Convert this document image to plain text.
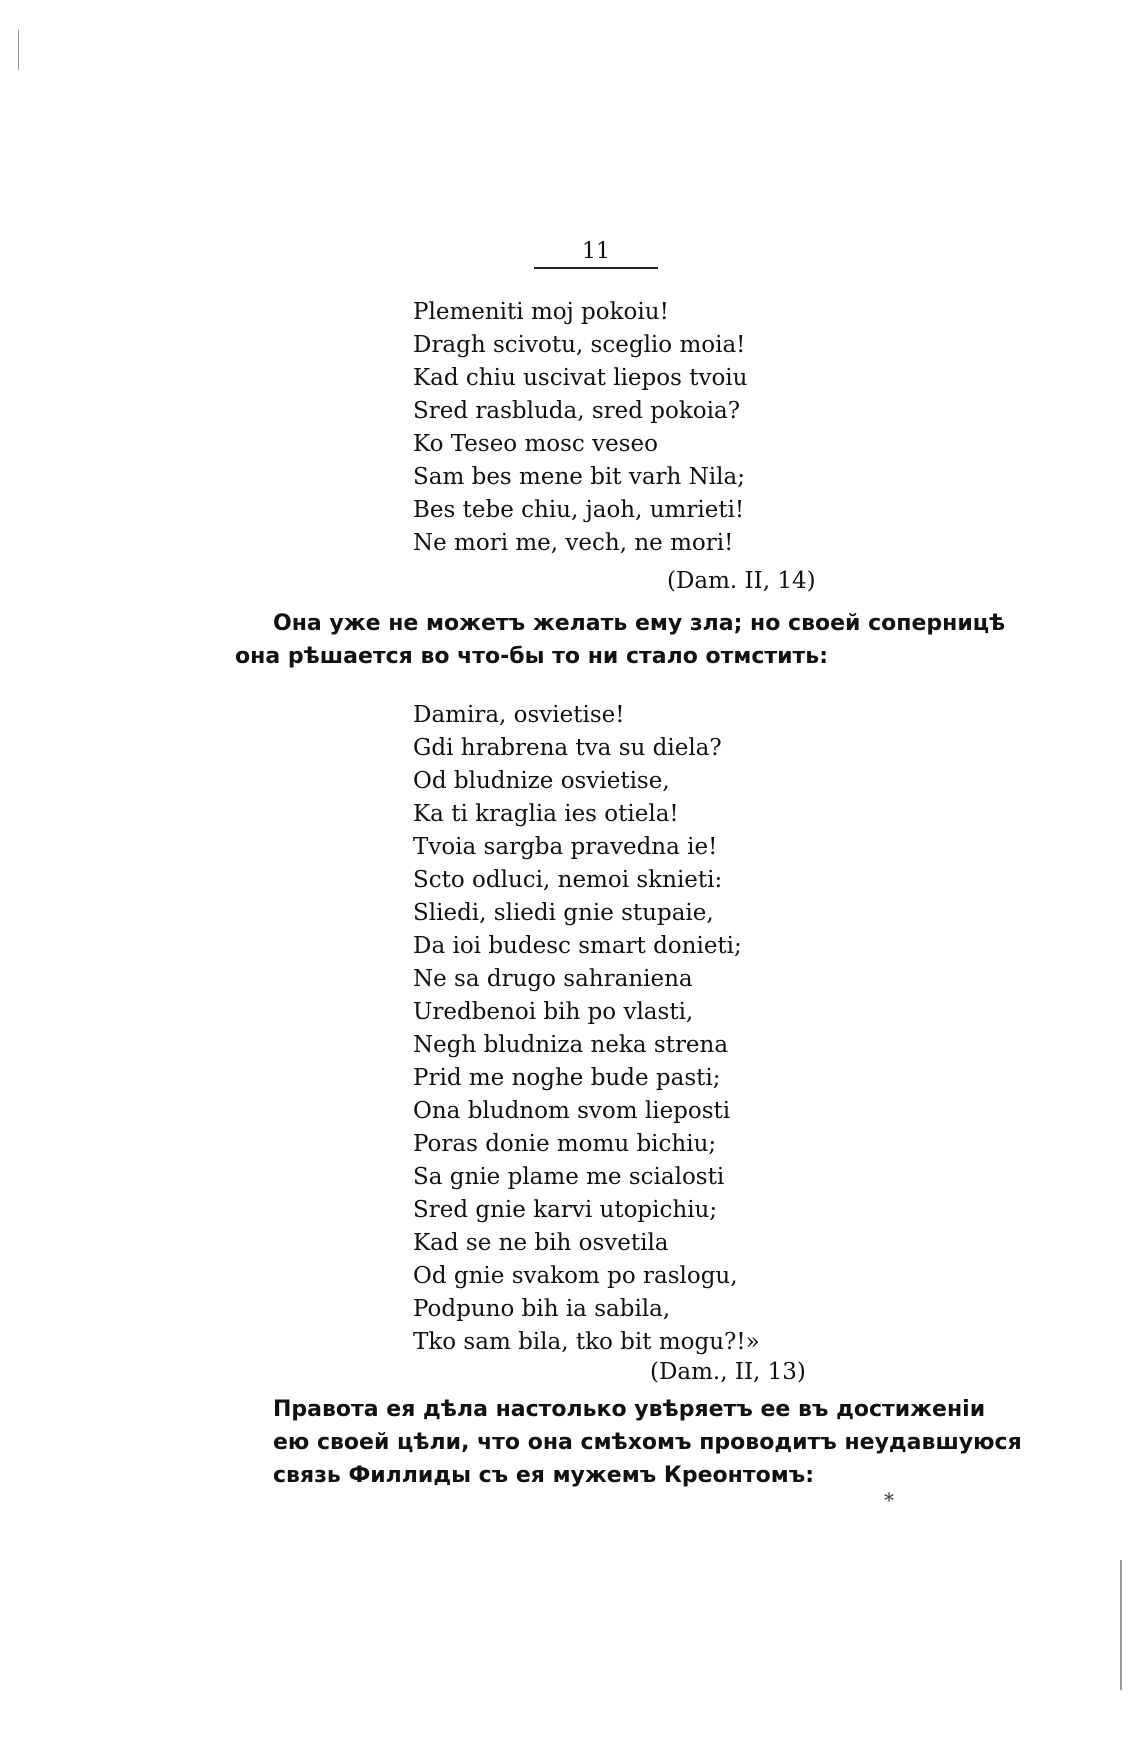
11
Plemeniti moj pokoiu!
Dragh scivotu, sceglio moia!
Kad chiu uscivat liepos tvoiu
Sred rasbluda, sred pokoia?
Ko Teseo mosc veseo
Sam bes mene bit varh Nila;
Bes tebe chiu, jaoh, umrieti!
Ne mori me, vech, ne mori!
(Dam. II, 14)

Она уже не можетъ желать ему зла; но своей соперницѣ
она рѣшается во что-бы то ни стало отмстить:

Damira, osvietise!
Gdi hrabrena tva su diela?
Od bludnize osvietise,
Ka ti kraglia ies otiela!
Tvoia sargba pravedna ie!
Scto odluci, nemoi sknieti:
Sliedi, sliedi gnie stupaie,
Da ioi budesc smart donieti;
Ne sa drugo sahraniena
Uredbenoi bih po vlasti,
Negh bludniza neka strena
Prid me noghe bude pasti;
Ona bludnom svom lieposti
Poras donie momu bichiu;
Sa gnie plame me scialosti
Sred gnie karvi utopichiu;
Kad se ne bih osvetila
Od gnie svakom po raslogu,
Podpuno bih ia sabila,
Tko sam bila, tko bit mogu?!»
(Dam., II, 13)

Правота ея дѣла настолько увѣряетъ ее въ достиженіи
ею своей цѣли, что она смѣхомъ проводитъ неудавшуюся
связь Филлиды съ ея мужемъ Креонтомъ:

*
